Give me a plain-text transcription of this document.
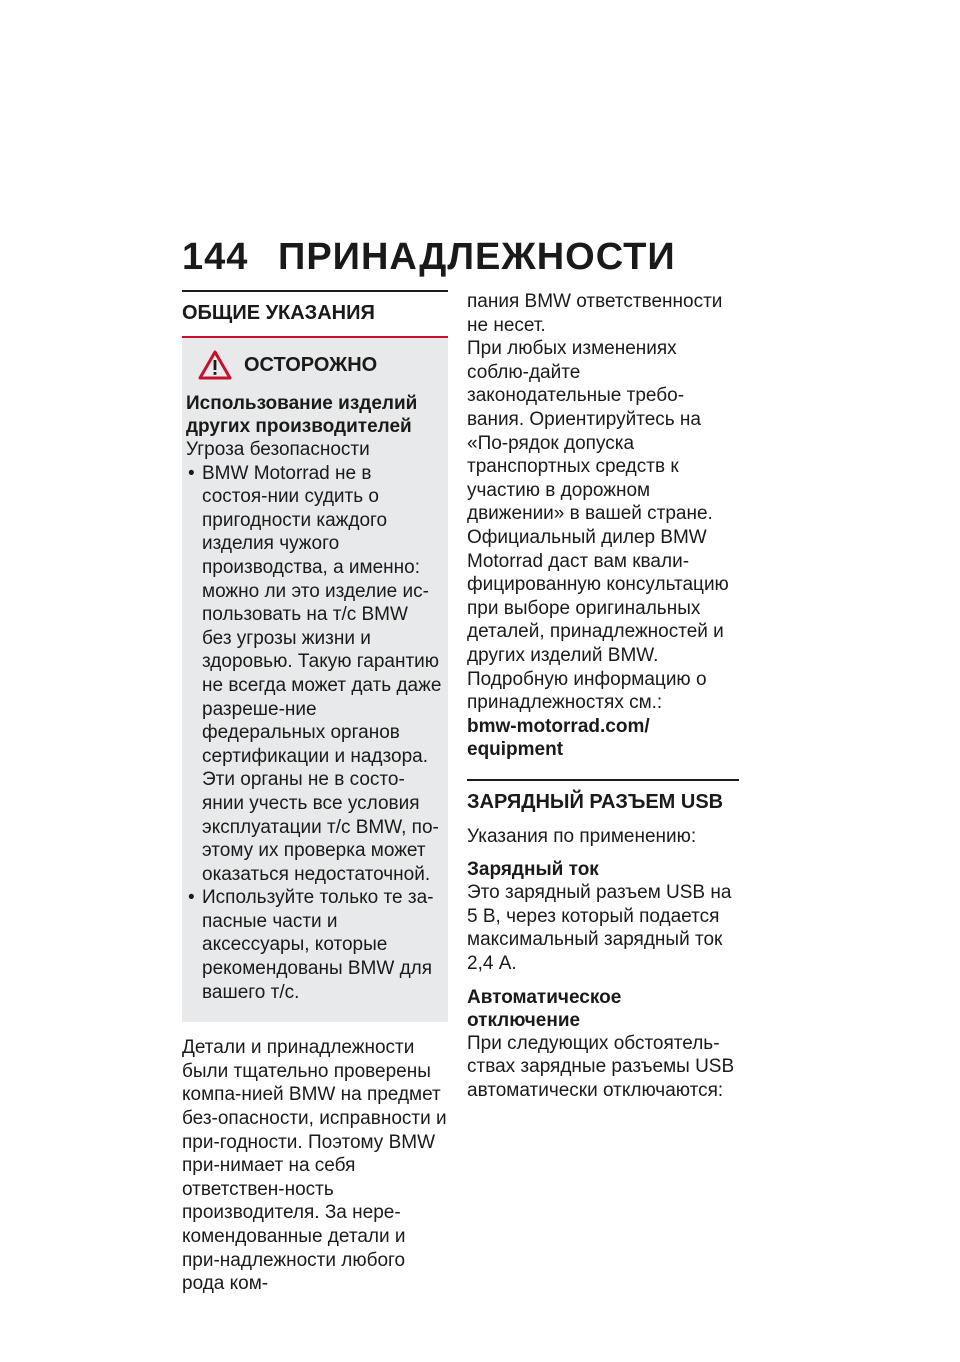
144 ПРИНАДЛЕЖНОСТИ
ОБЩИЕ УКАЗАНИЯ
ОСТОРОЖНО
Использование изделий других производителей

Угроза безопасности

• BMW Motorrad не в состоя-нии судить о пригодности каждого изделия чужого производства, а именно: можно ли это изделие ис-пользовать на т/с BMW без угрозы жизни и здоровью. Такую гарантию не всегда может дать даже разреше-ние федеральных органов сертификации и надзора. Эти органы не в состо-янии учесть все условия эксплуатации т/с BMW, по-этому их проверка может оказаться недостаточной.
• Используйте только те за-пасные части и аксессуары, которые рекомендованы BMW для вашего т/с.

Детали и принадлежности были тщательно проверены компа-нией BMW на предмет без-опасности, исправности и при-годности. Поэтому BMW при-нимает на себя ответствен-ность производителя. За нере-комендованные детали и при-надлежности любого рода ком-

пания BMW ответственности не несет.

При любых изменениях соблю-дайте законодательные требо-вания. Ориентируйтесь на «По-рядок допуска транспортных средств к участию в дорожном движении» в вашей стране.

Официальный дилер BMW Motorrad даст вам квали-фицированную консультацию при выборе оригинальных деталей, принадлежностей и других изделий BMW.

Подробную информацию о принадлежностях см.:

bmw-motorrad.com/ equipment

ЗАРЯДНЫЙ РАЗЪЕМ USB

Указания по применению:

Зарядный ток

Это зарядный разъем USB на 5 В, через который подается максимальный зарядный ток 2,4 А.

Автоматическое отключение

При следующих обстоятель-ствах зарядные разъемы USB автоматически отключаются:
